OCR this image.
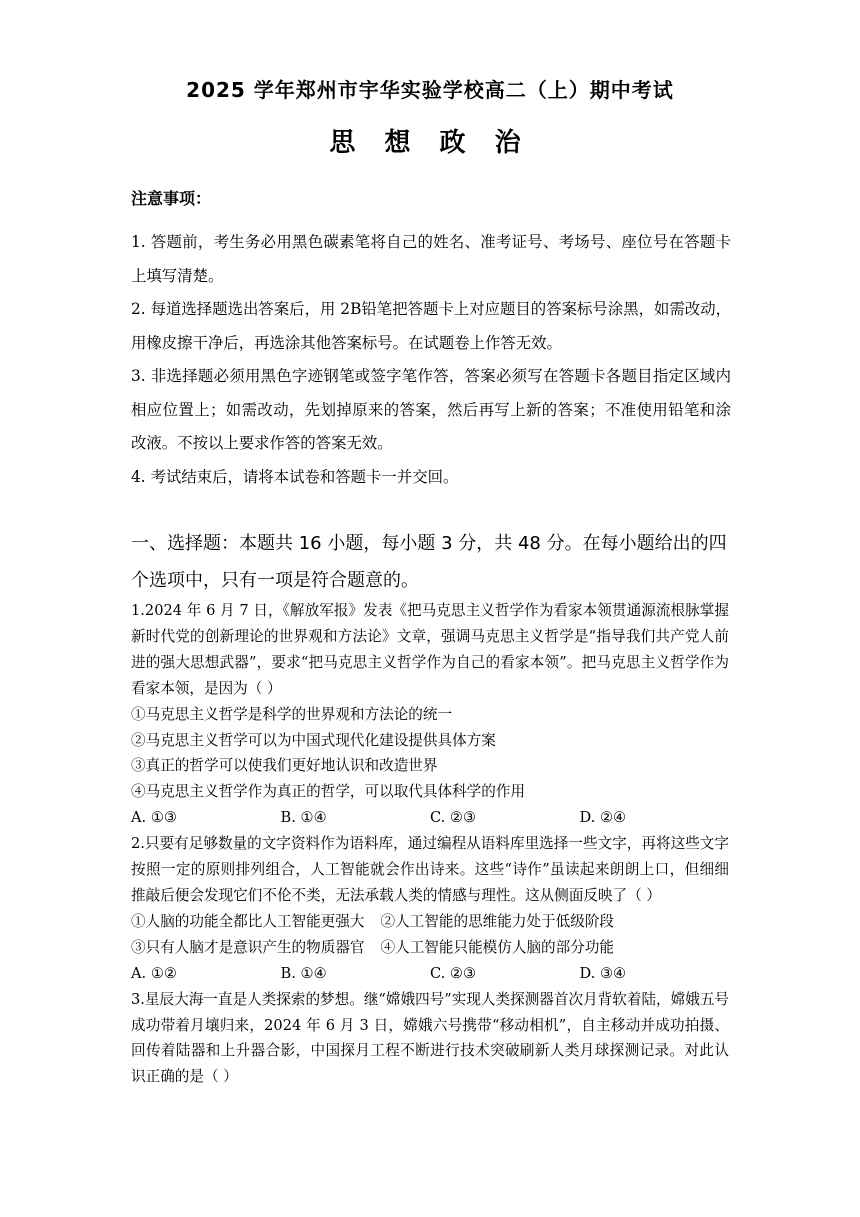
2025 学年郑州市宇华实验学校高二（上）期中考试
思 想 政 治
注意事项：

1. 答题前，考生务必用黑色碳素笔将自己的姓名、准考证号、考场号、座位号在答题卡上填写清楚。

2. 每道选择题选出答案后，用 2B铅笔把答题卡上对应题目的答案标号涂黑，如需改动，用橡皮擦干净后，再选涂其他答案标号。在试题卷上作答无效。

3. 非选择题必须用黑色字迹钢笔或签字笔作答，答案必须写在答题卡各题目指定区域内相应位置上；如需改动，先划掉原来的答案，然后再写上新的答案；不准使用铅笔和涂改液。不按以上要求作答的答案无效。

4. 考试结束后，请将本试卷和答题卡一并交回。

一、选择题：本题共 16 小题，每小题 3 分，共 48 分。在每小题给出的四个选项中，只有一项是符合题意的。

1.2024 年 6 月 7 日，《解放军报》发表《把马克思主义哲学作为看家本领贯通源流根脉掌握新时代党的创新理论的世界观和方法论》文章，强调马克思主义哲学是“指导我们共产党人前进的强大思想武器”，要求“把马克思主义哲学作为自己的看家本领”。把马克思主义哲学作为看家本领，是因为（ ）

①马克思主义哲学是科学的世界观和方法论的统一

②马克思主义哲学可以为中国式现代化建设提供具体方案

③真正的哲学可以使我们更好地认识和改造世界

④马克思主义哲学作为真正的哲学，可以取代具体科学的作用

A. ①③	B. ①④	C. ②③	D. ②④

2.只要有足够数量的文字资料作为语料库，通过编程从语料库里选择一些文字，再将这些文字按照一定的原则排列组合，人工智能就会作出诗来。这些“诗作”虽读起来朗朗上口，但细细推敲后便会发现它们不伦不类，无法承载人类的情感与理性。这从侧面反映了（ ）

①人脑的功能全都比人工智能更强大 ②人工智能的思维能力处于低级阶段
③只有人脑才是意识产生的物质器官 ④人工智能只能模仿人脑的部分功能
A. ①②	B. ①④	C. ②③	D. ③④

3.星辰大海一直是人类探索的梦想。继“嫦娥四号”实现人类探测器首次月背软着陆，嫦娥五号成功带着月壤归来，2024 年 6 月 3 日，嫦娥六号携带“移动相机”，自主移动并成功拍摄、回传着陆器和上升器合影，中国探月工程不断进行技术突破刷新人类月球探测记录。对此认识正确的是（ ）
